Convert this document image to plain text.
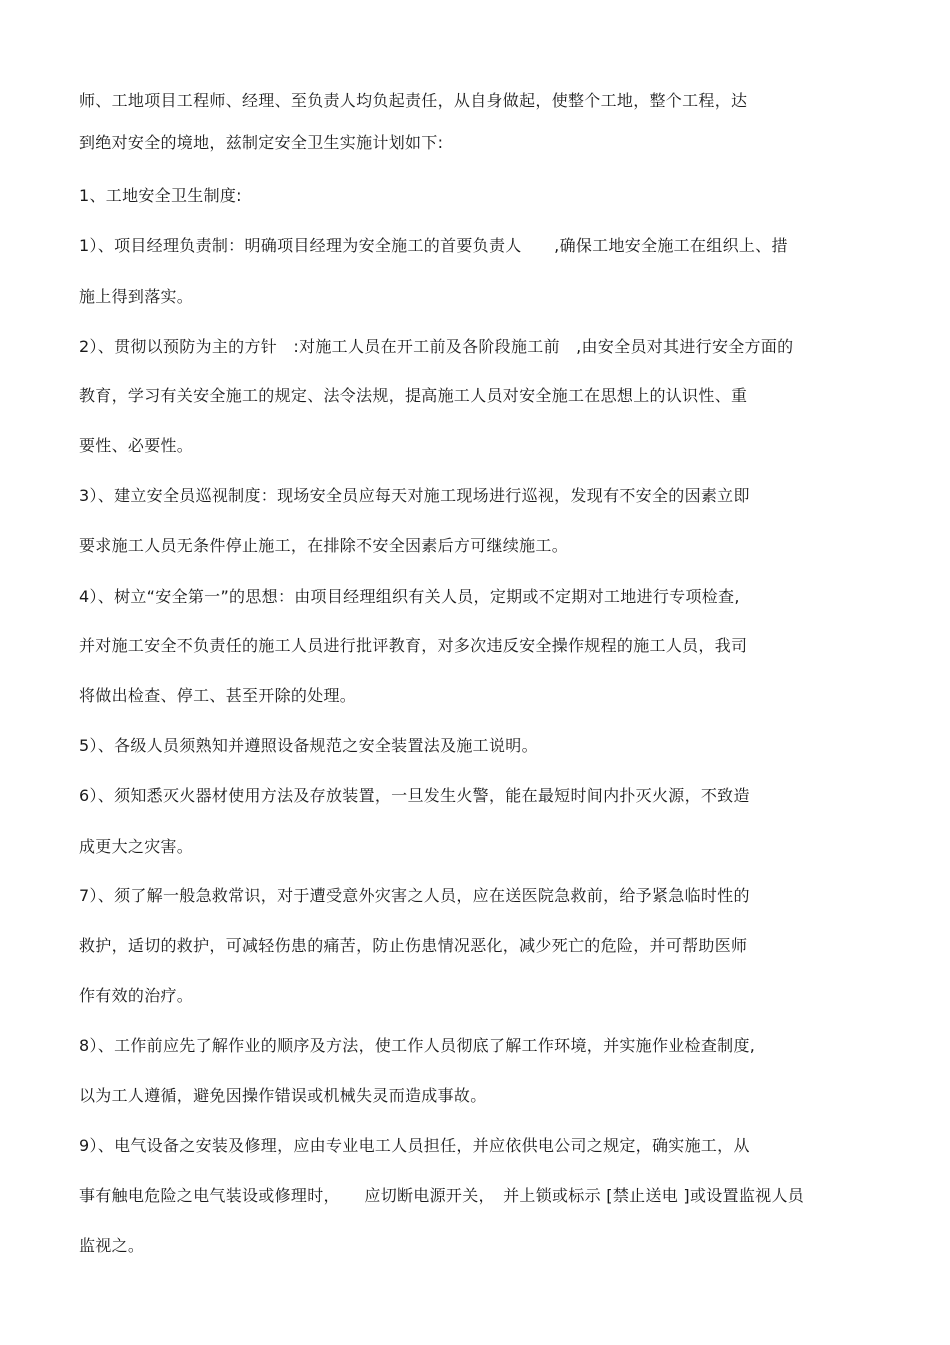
师、工地项目工程师、经理、至负责人均负起责任，从自身做起，使整个工地，整个工程，达
到绝对安全的境地，兹制定安全卫生实施计划如下:
1、工地安全卫生制度:
1）、项目经理负责制：明确项目经理为安全施工的首要负责人　　,确保工地安全施工在组织上、措
施上得到落实。
2）、贯彻以预防为主的方针　:对施工人员在开工前及各阶段施工前　,由安全员对其进行安全方面的
教育，学习有关安全施工的规定、法令法规，提高施工人员对安全施工在思想上的认识性、重
要性、必要性。
3）、建立安全员巡视制度：现场安全员应每天对施工现场进行巡视，发现有不安全的因素立即
要求施工人员无条件停止施工，在排除不安全因素后方可继续施工。
4）、树立“安全第一”的思想：由项目经理组织有关人员，定期或不定期对工地进行专项检查,
并对施工安全不负责任的施工人员进行批评教育，对多次违反安全操作规程的施工人员，我司
将做出检查、停工、甚至开除的处理。
5）、各级人员须熟知并遵照设备规范之安全装置法及施工说明。
6）、须知悉灭火器材使用方法及存放装置，一旦发生火警，能在最短时间内扑灭火源，不致造
成更大之灾害。
7）、须了解一般急救常识，对于遭受意外灾害之人员，应在送医院急救前，给予紧急临时性的
救护，适切的救护，可减轻伤患的痛苦，防止伤患情况恶化，减少死亡的危险，并可帮助医师
作有效的治疗。
8）、工作前应先了解作业的顺序及方法，使工作人员彻底了解工作环境，并实施作业检查制度,
以为工人遵循，避免因操作错误或机械失灵而造成事故。
9）、电气设备之安装及修理，应由专业电工人员担任，并应依供电公司之规定，确实施工，从
事有触电危险之电气装设或修理时，　　应切断电源开关，　并上锁或标示 [禁止送电 ]或设置监视人员
监视之。
